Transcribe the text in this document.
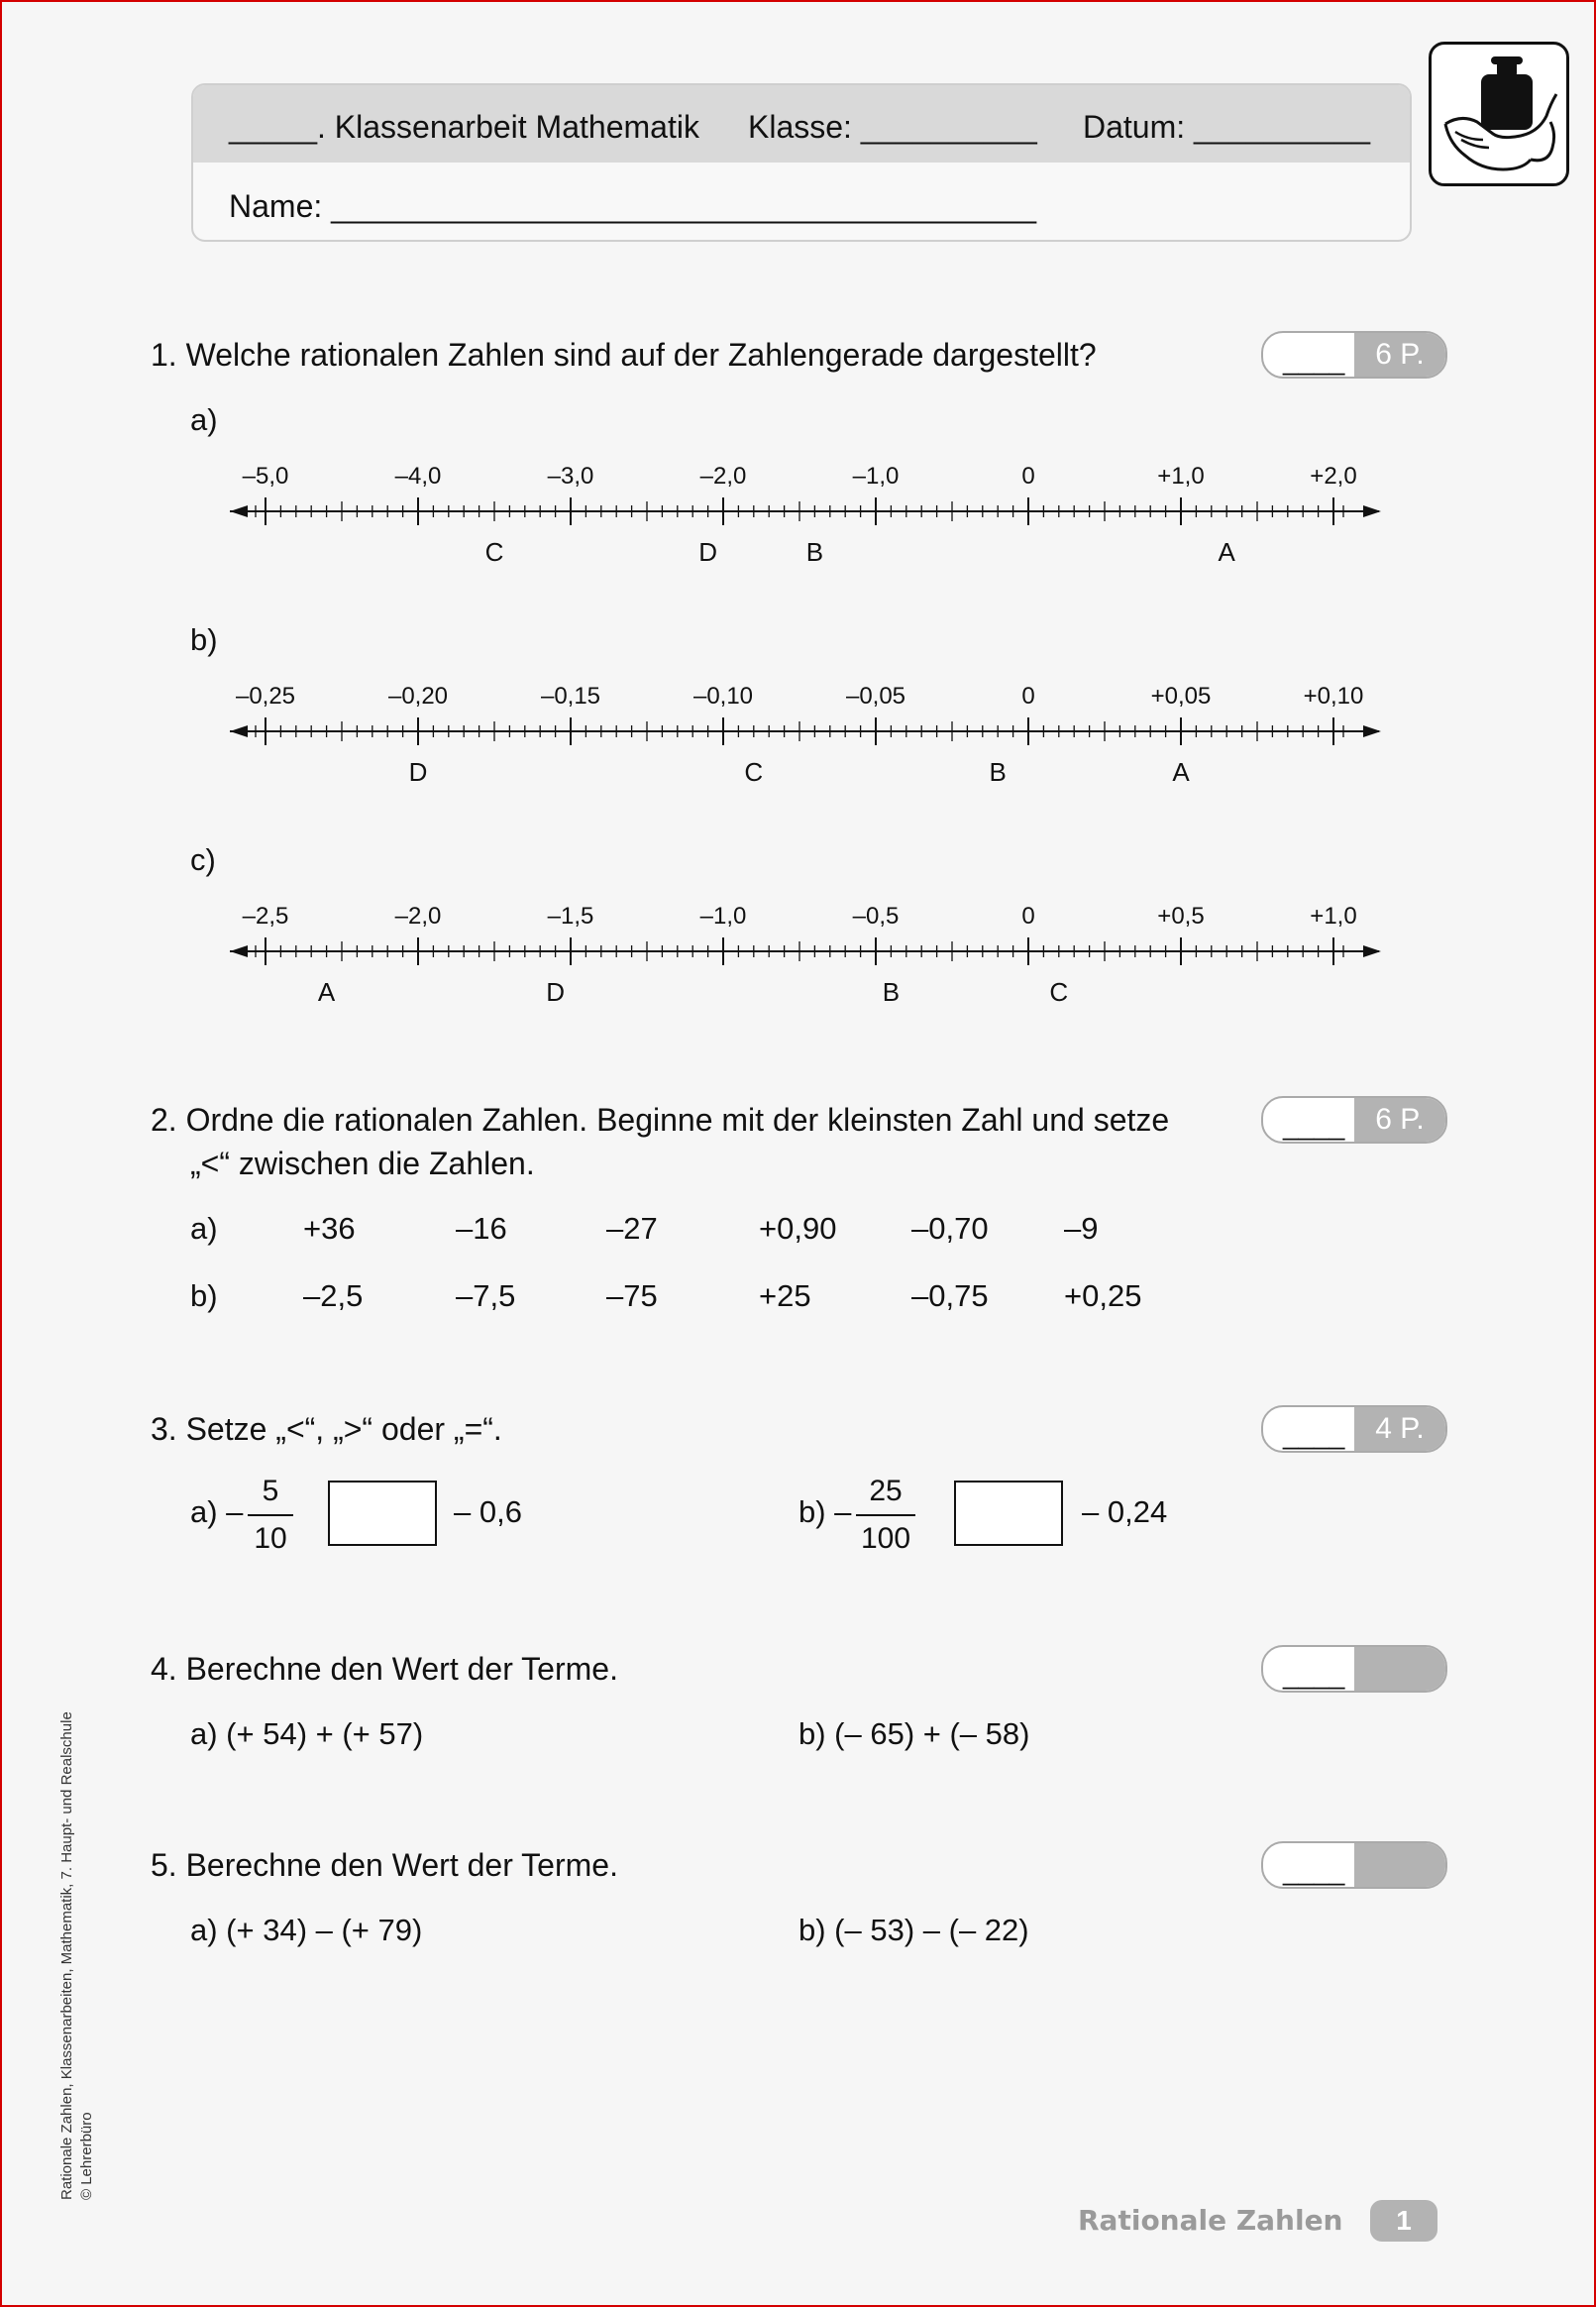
_____. Klassenarbeit Mathematik Klasse: __________ Datum: __________
Name: ________________________________________
1. Welche rationalen Zahlen sind auf der Zahlengerade dargestellt?	____	6 P.
a)
–5,0	–4,0	–3,0	–2,0	–1,0	0	+1,0	+2,0
C	D	B	A
b)
–0,25	–0,20	–0,15	–0,10	–0,05	0	+0,05	+0,10
D	C	B	A
c)
–2,5	–2,0	–1,5	–1,0	–0,5	0	+0,5	+1,0
A	D	B	C
2. Ordne die rationalen Zahlen. Beginne mit der kleinsten Zahl und setze
„<“ zwischen die Zahlen.
____	6 P.
a)	+36	–16	–27	+0,90 –0,70 –9
b)	–2,5	–7,5	–75	+25	–0,75 +0,25
3. Setze „<“, „>“ oder „=“.	____	4 P.
$a) - \frac{5}{10}$	– 0,6	$b) - \frac{25}{100}$	– 0,24
4. Berechne den Wert der Terme.	____
a) (+ 54) + (+ 57)	b) (– 65) + (– 58)
5. Berechne den Wert der Terme.	____
a) (+ 34) – (+ 79)	b) (– 53) – (– 22)
Rationale Zahlen, Klassenarbeiten, Mathematik, 7. Haupt- und Realschule © Lehrerbüro
Rationale Zahlen	1
